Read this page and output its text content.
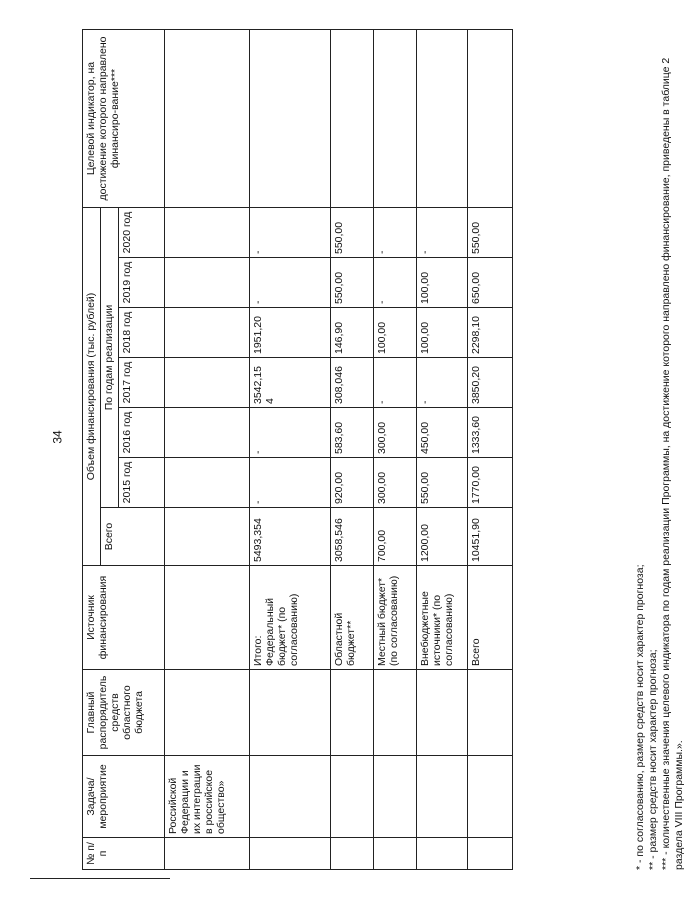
34
№ п/п	Задача/ мероприятие	Главный распорядитель средств областного бюджета	Источник финансирования	Объем финансирования (тыс. рублей)							Целевой индикатор, на достижение которого направлено финансиро-вание***
				Всего	По годам реализации						
					2015 год	2016 год	2017 год	2018 год	2019 год	2020 год	
	Российской Федерации и их интеграции в российское общество»										
			Итого: Федеральный бюджет* (по согласованию)	5493,354	-	-	3542,154	1951,20	-	-	
			Областной бюджет**	3058,546	920,00	583,60	308,046	146,90	550,00	550,00	
			Местный бюджет* (по согласованию)	700,00	300,00	300,00	-	100,00	-	-	
			Внебюджетные источники* (по согласованию)	1200,00	550,00	450,00	-	100,00	100,00	-	
			Всего	10451,90	1770,00	1333,60	3850,20	2298,10	650,00	550,00	

* - по согласованию, размер средств носит характер прогноза; ** - размер средств носит характер прогноза; *** - количественные значения целевого индикатора по годам реализации Программы, на достижение которого направлено финансирование, приведены в таблице 2 раздела VIII Программы.».
